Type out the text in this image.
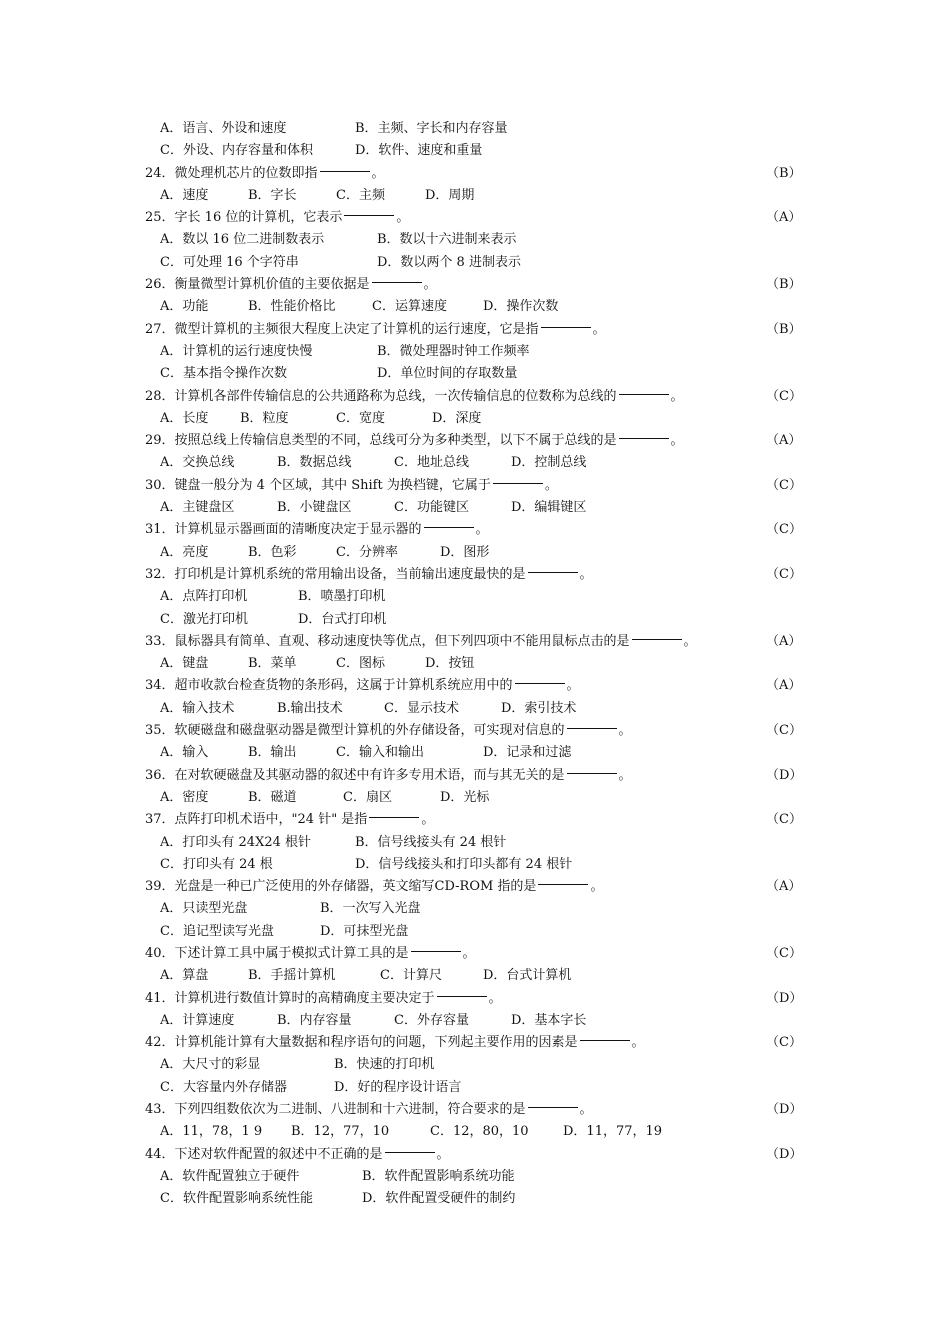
A．语言、外设和速度	B．主频、字长和内存容量
C．外设、内存容量和体积	D．软件、速度和重量
24．微处理机芯片的位数即指	。	（B）
A．速度	B．字长	C．主频	D．周期
25．字长 16 位的计算机，它表示	。	（A）
A．数以 16 位二进制数表示	B．数以十六进制来表示
C．可处理 16 个字符串	D．数以两个 8 进制表示
26．衡量微型计算机价值的主要依据是	。	（B）
A．功能	B．性能价格比	C．运算速度	D．操作次数
27．微型计算机的主频很大程度上决定了计算机的运行速度，它是指	。	（B）
A．计算机的运行速度快慢	B．微处理器时钟工作频率
C．基本指令操作次数	D．单位时间的存取数量
28．计算机各部件传输信息的公共通路称为总线，一次传输信息的位数称为总线的	。	（C）
A．长度 B．粒度	C．宽度	D．深度
29．按照总线上传输信息类型的不同，总线可分为多种类型，以下不属于总线的是	。	（A）
A．交换总线	B．数据总线	C．地址总线	D．控制总线
30．键盘一般分为 4 个区域，其中 Shift 为换档键，它属于	。	（C）
A．主键盘区	B．小键盘区	C．功能键区	D．编辑键区
31．计算机显示器画面的清晰度决定于显示器的	。	（C）
A．亮度	B．色彩	C．分辨率	D．图形
32．打印机是计算机系统的常用输出设备，当前输出速度最快的是	。	（C）
A．点阵打印机	B．喷墨打印机
C．激光打印机	D．台式打印机
33．鼠标器具有简单、直观、移动速度快等优点，但下列四项中不能用鼠标点击的是	。	（A）
A．键盘	B．菜单	C．图标	D．按钮
34．超市收款台检查货物的条形码，这属于计算机系统应用中的	。	（A）
A．输入技术	B.输出技术	C．显示技术	D．索引技术
35．软硬磁盘和磁盘驱动器是微型计算机的外存储设备，可实现对信息的	。	（C）
A．输入	B．输出	C．输入和输出	D．记录和过滤
36．在对软硬磁盘及其驱动器的叙述中有许多专用术语，而与其无关的是	。	（D）
A．密度	B．磁道	C．扇区	D．光标
37．点阵打印机术语中，"24 针" 是指	。	（C）
A．打印头有 24X24 根针	B．信号线接头有 24 根针
C．打印头有 24 根	D．信号线接头和打印头都有 24 根针
39．光盘是一种已广泛使用的外存储器，英文缩写CD-ROM 指的是	。	（A）
A．只读型光盘	B．一次写入光盘
C．追记型读写光盘	D．可抹型光盘
40．下述计算工具中属于模拟式计算工具的是	。	（C）
A．算盘	B．手摇计算机	C．计算尺	D．台式计算机
41．计算机进行数值计算时的高精确度主要决定于	。	（D）
A．计算速度	B．内存容量	C．外存容量	D．基本字长
42．计算机能计算有大量数据和程序语句的问题，下列起主要作用的因素是	。	（C）
A．大尺寸的彩显	B．快速的打印机
C．大容量内外存储器	D．好的程序设计语言
43．下列四组数依次为二进制、八进制和十六进制，符合要求的是	。	（D）
A．11，78，1 9 B．12，77，10	C．12，80，10	D．11，77，19
44．下述对软件配置的叙述中不正确的是	。	（D）
A．软件配置独立于硬件	B．软件配置影响系统功能
C．软件配置影响系统性能	D．软件配置受硬件的制约
